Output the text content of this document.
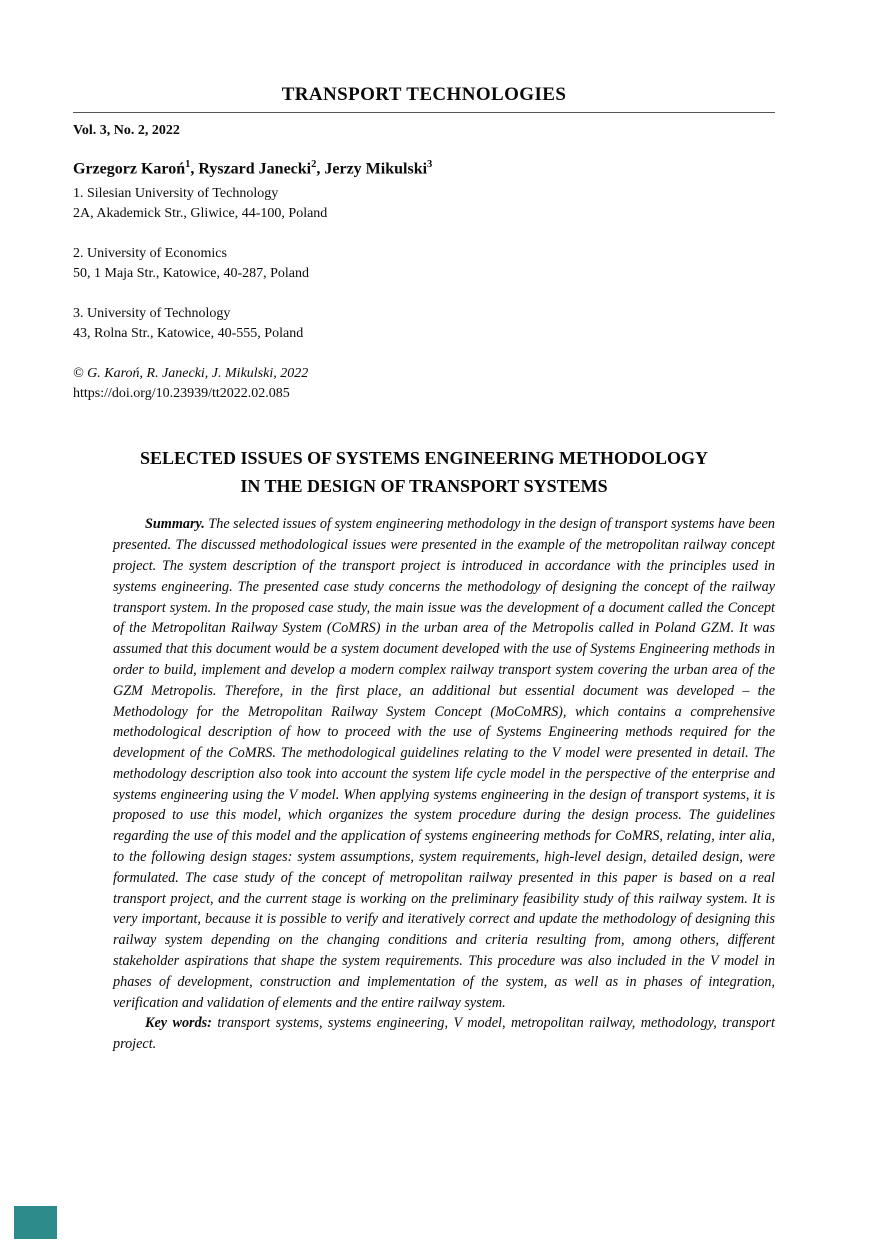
TRANSPORT TECHNOLOGIES
Vol. 3, No. 2, 2022
Grzegorz Karoń$^1$, Ryszard Janecki$^2$, Jerzy Mikulski$^3$
1. Silesian University of Technology
2A, Akademick Str., Gliwice, 44-100, Poland
2. University of Economics
50, 1 Maja Str., Katowice, 40-287, Poland
3. University of Technology
43, Rolna Str., Katowice, 40-555, Poland
© G. Karoń, R. Janecki, J. Mikulski, 2022
https://doi.org/10.23939/tt2022.02.085
SELECTED ISSUES OF SYSTEMS ENGINEERING METHODOLOGY
IN THE DESIGN OF TRANSPORT SYSTEMS

Summary. The selected issues of system engineering methodology in the design of transport systems have been presented. The discussed methodological issues were presented in the example of the metropolitan railway concept project. The system description of the transport project is introduced in accordance with the principles used in systems engineering. The presented case study concerns the methodology of designing the concept of the railway transport system. In the proposed case study, the main issue was the development of a document called the Concept of the Metropolitan Railway System (CoMRS) in the urban area of the Metropolis called in Poland GZM. It was assumed that this document would be a system document developed with the use of Systems Engineering methods in order to build, implement and develop a modern complex railway transport system covering the urban area of the GZM Metropolis. Therefore, in the first place, an additional but essential document was developed – the Methodology for the Metropolitan Railway System Concept (MoCoMRS), which contains a comprehensive methodological description of how to proceed with the use of Systems Engineering methods required for the development of the CoMRS. The methodological guidelines relating to the V model were presented in detail. The methodology description also took into account the system life cycle model in the perspective of the enterprise and systems engineering using the V model. When applying systems engineering in the design of transport systems, it is proposed to use this model, which organizes the system procedure during the design process. The guidelines regarding the use of this model and the application of systems engineering methods for CoMRS, relating, inter alia, to the following design stages: system assumptions, system requirements, high-level design, detailed design, were formulated. The case study of the concept of metropolitan railway presented in this paper is based on a real transport project, and the current stage is working on the preliminary feasibility study of this railway system. It is very important, because it is possible to verify and iteratively correct and update the methodology of designing this railway system depending on the changing conditions and criteria resulting from, among others, different stakeholder aspirations that shape the system requirements. This procedure was also included in the V model in phases of development, construction and implementation of the system, as well as in phases of integration, verification and validation of elements and the entire railway system.

Key words: transport systems, systems engineering, V model, metropolitan railway, methodology, transport project.
